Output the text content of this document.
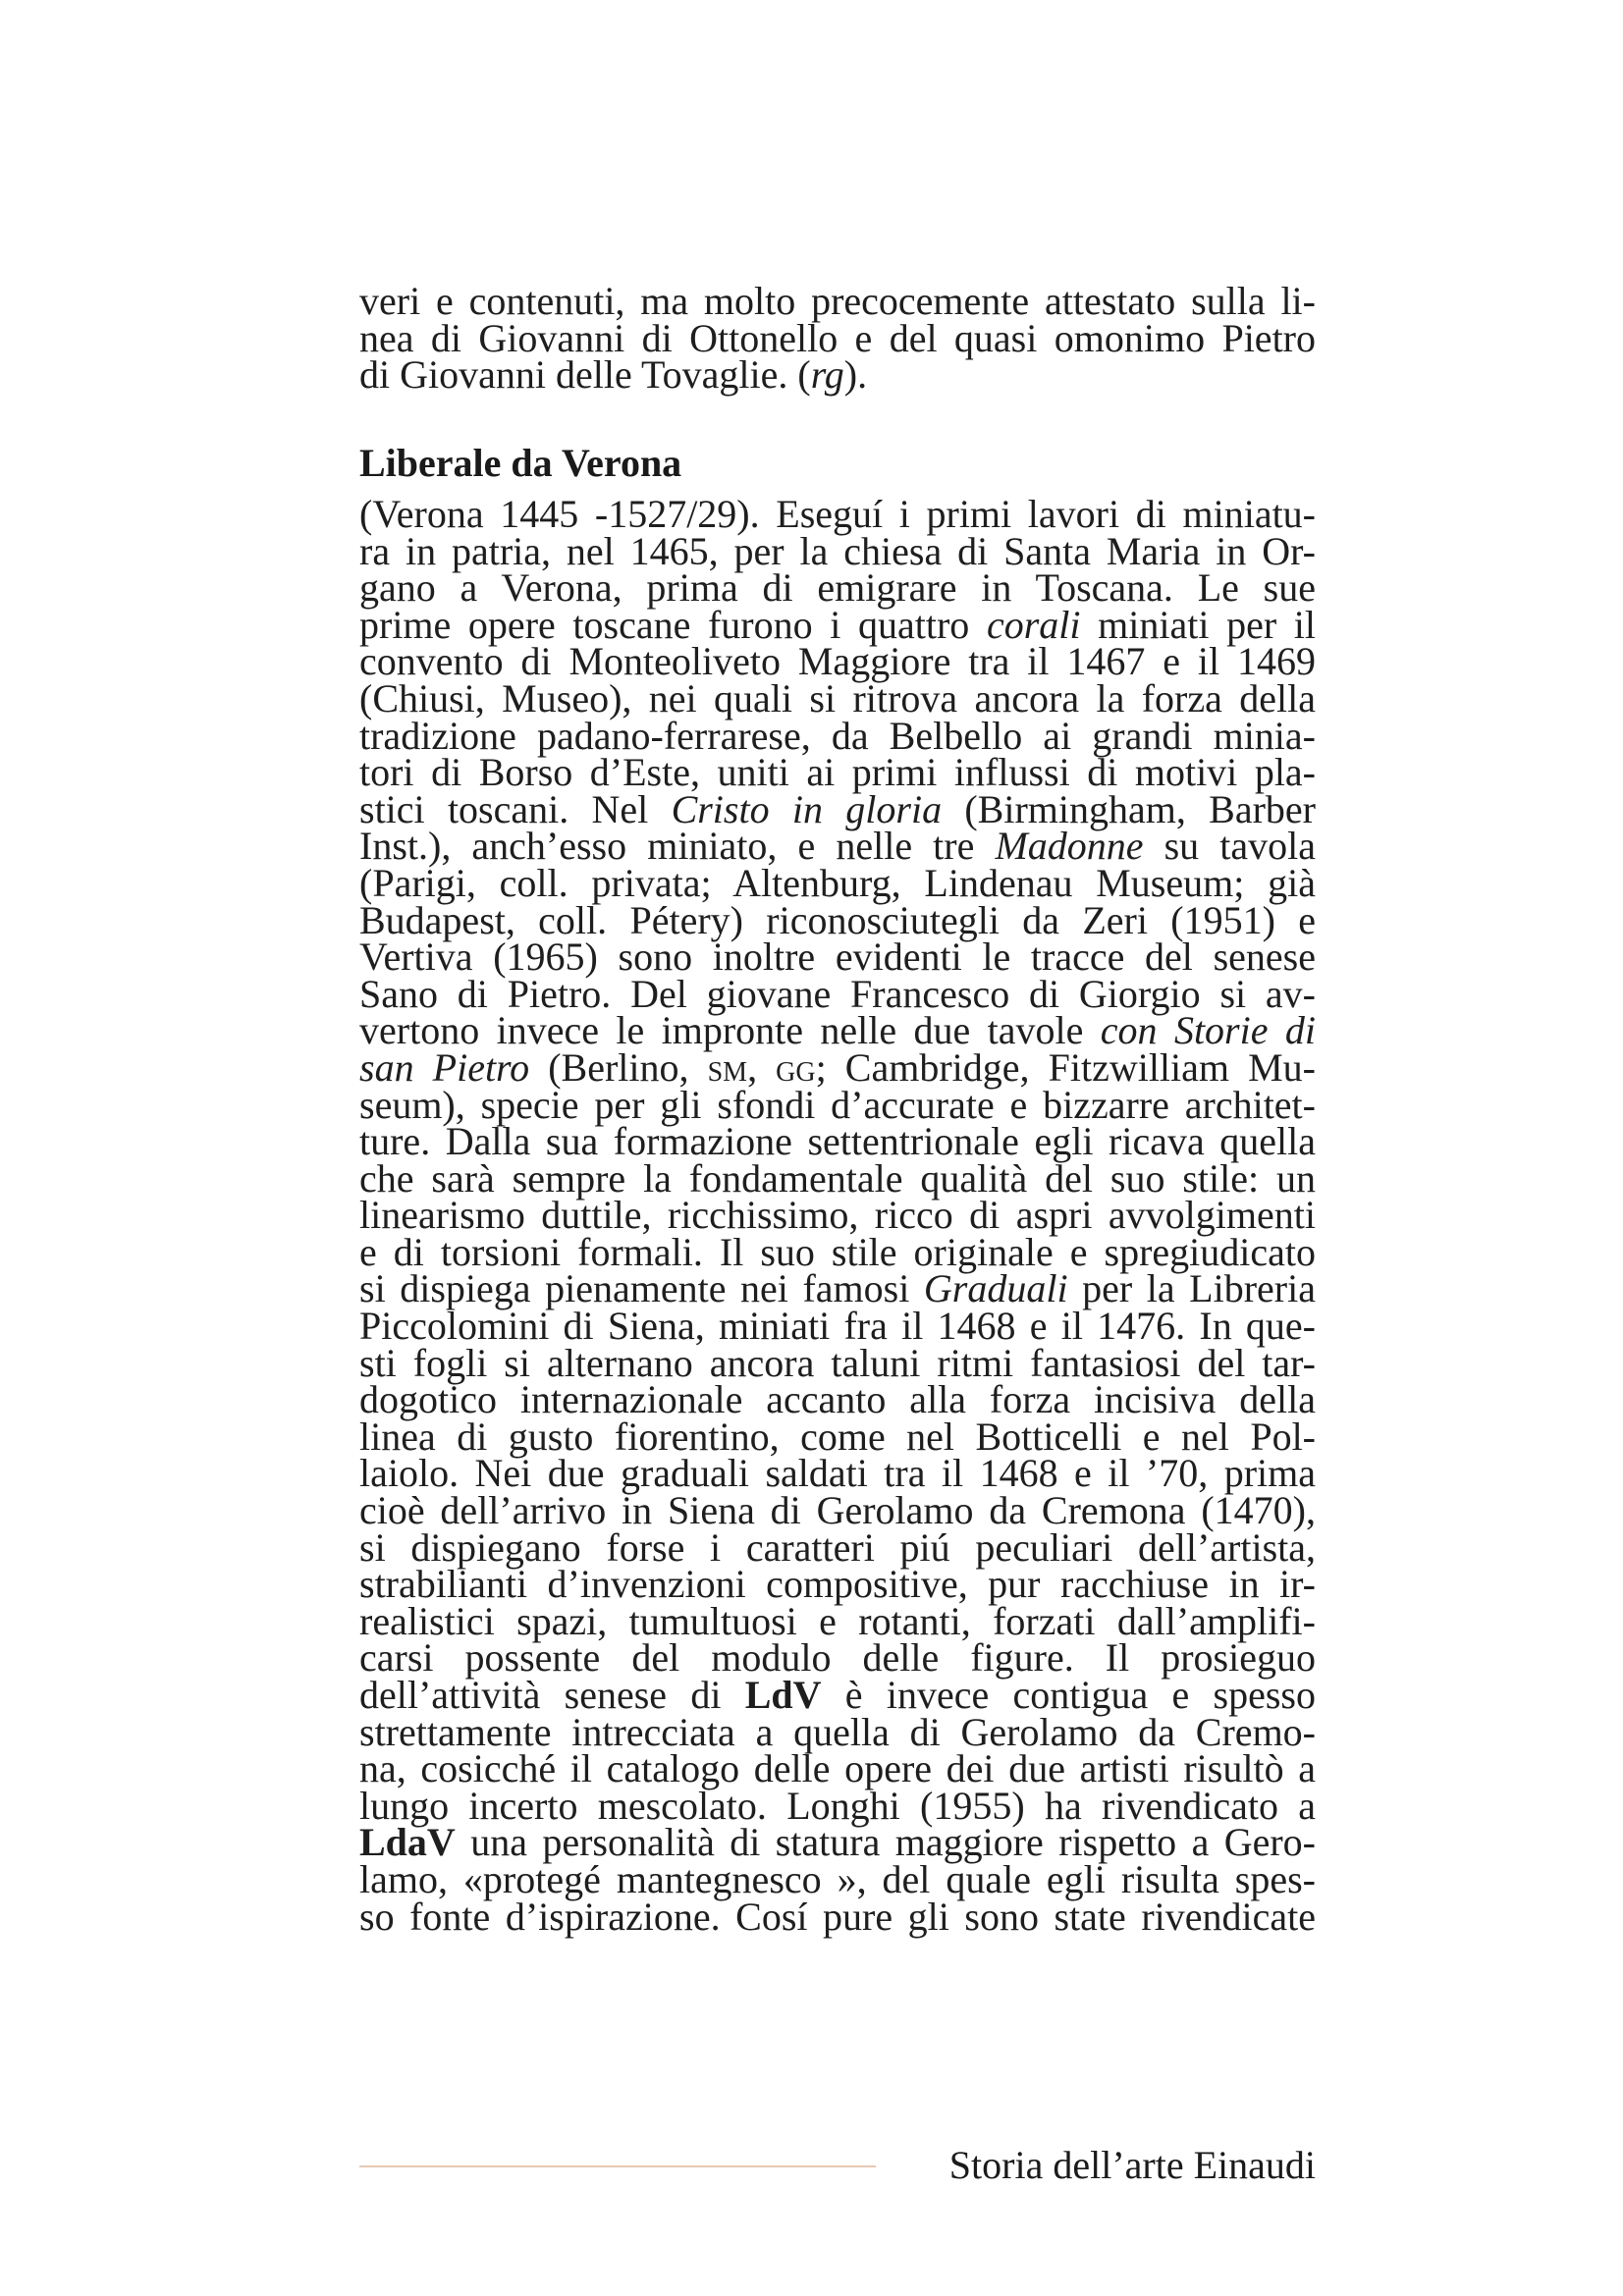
veri e contenuti, ma molto precocemente attestato sulla li-
nea di Giovanni di Ottonello e del quasi omonimo Pietro
di Giovanni delle Tovaglie. (rg).
Liberale da Verona
(Verona 1445 -1527/29). Eseguí i primi lavori di miniatu-
ra in patria, nel 1465, per la chiesa di Santa Maria in Or-
gano a Verona, prima di emigrare in Toscana. Le sue
prime opere toscane furono i quattro corali miniati per il
convento di Monteoliveto Maggiore tra il 1467 e il 1469
(Chiusi, Museo), nei quali si ritrova ancora la forza della
tradizione padano-ferrarese, da Belbello ai grandi minia-
tori di Borso d’Este, uniti ai primi influssi di motivi pla-
stici toscani. Nel Cristo in gloria (Birmingham, Barber
Inst.), anch’esso miniato, e nelle tre Madonne su tavola
(Parigi, coll. privata; Altenburg, Lindenau Museum; già
Budapest, coll. Pétery) riconosciutegli da Zeri (1951) e
Vertiva (1965) sono inoltre evidenti le tracce del senese
Sano di Pietro. Del giovane Francesco di Giorgio si av-
vertono invece le impronte nelle due tavole con Storie di
san Pietro (Berlino, sm, gg; Cambridge, Fitzwilliam Mu-
seum), specie per gli sfondi d’accurate e bizzarre architet-
ture. Dalla sua formazione settentrionale egli ricava quella
che sarà sempre la fondamentale qualità del suo stile: un
linearismo duttile, ricchissimo, ricco di aspri avvolgimenti
e di torsioni formali. Il suo stile originale e spregiudicato
si dispiega pienamente nei famosi Graduali per la Libreria
Piccolomini di Siena, miniati fra il 1468 e il 1476. In que-
sti fogli si alternano ancora taluni ritmi fantasiosi del tar-
dogotico internazionale accanto alla forza incisiva della
linea di gusto fiorentino, come nel Botticelli e nel Pol-
laiolo. Nei due graduali saldati tra il 1468 e il ’70, prima
cioè dell’arrivo in Siena di Gerolamo da Cremona (1470),
si dispiegano forse i caratteri piú peculiari dell’artista,
strabilianti d’invenzioni compositive, pur racchiuse in ir-
realistici spazi, tumultuosi e rotanti, forzati dall’amplifi-
carsi possente del modulo delle figure. Il prosieguo
dell’attività senese di LdV è invece contigua e spesso
strettamente intrecciata a quella di Gerolamo da Cremo-
na, cosicché il catalogo delle opere dei due artisti risultò a
lungo incerto mescolato. Longhi (1955) ha rivendicato a
LdaV una personalità di statura maggiore rispetto a Gero-
lamo, «protegé mantegnesco », del quale egli risulta spes-
so fonte d’ispirazione. Cosí pure gli sono state rivendicate
Storia dell’arte Einaudi
